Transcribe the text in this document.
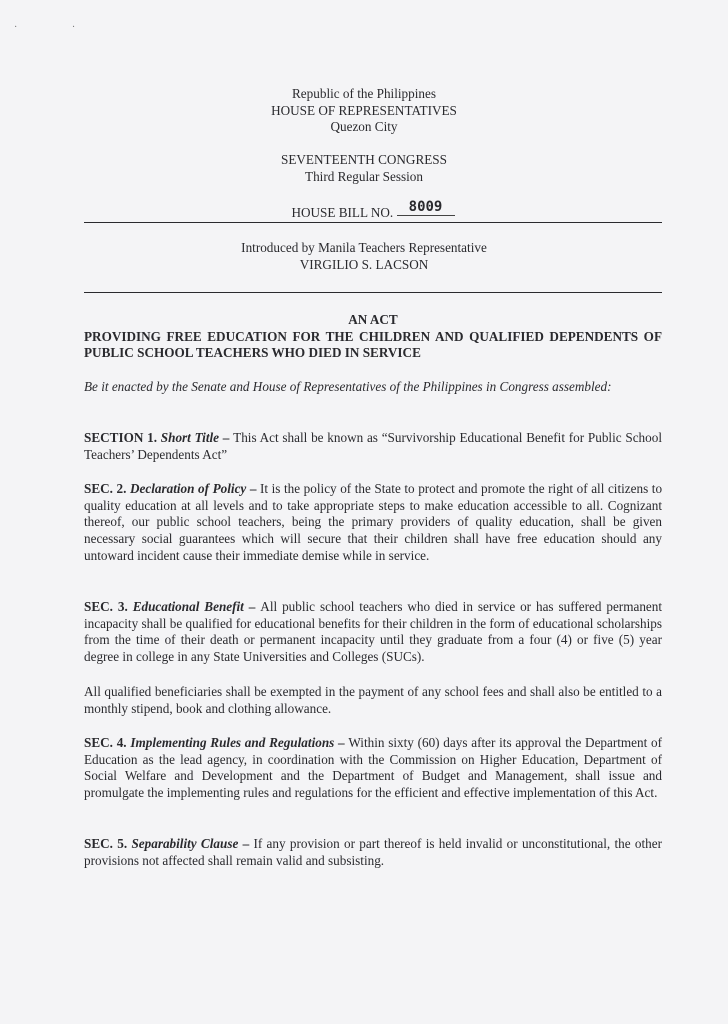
· ·
Republic of the Philippines
HOUSE OF REPRESENTATIVES
Quezon City
SEVENTEENTH CONGRESS
Third Regular Session
HOUSE BILL NO. 8009
Introduced by Manila Teachers Representative
VIRGILIO S. LACSON
AN ACT
PROVIDING FREE EDUCATION FOR THE CHILDREN AND QUALIFIED DEPENDENTS OF PUBLIC SCHOOL TEACHERS WHO DIED IN SERVICE

Be it enacted by the Senate and House of Representatives of the Philippines in Congress assembled:

SECTION 1. Short Title – This Act shall be known as “Survivorship Educational Benefit for Public School Teachers’ Dependents Act”

SEC. 2. Declaration of Policy – It is the policy of the State to protect and promote the right of all citizens to quality education at all levels and to take appropriate steps to make education accessible to all. Cognizant thereof, our public school teachers, being the primary providers of quality education, shall be given necessary social guarantees which will secure that their children shall have free education should any untoward incident cause their immediate demise while in service.

SEC. 3. Educational Benefit – All public school teachers who died in service or has suffered permanent incapacity shall be qualified for educational benefits for their children in the form of educational scholarships from the time of their death or permanent incapacity until they graduate from a four (4) or five (5) year degree in college in any State Universities and Colleges (SUCs).

All qualified beneficiaries shall be exempted in the payment of any school fees and shall also be entitled to a monthly stipend, book and clothing allowance.

SEC. 4. Implementing Rules and Regulations – Within sixty (60) days after its approval the Department of Education as the lead agency, in coordination with the Commission on Higher Education, Department of Social Welfare and Development and the Department of Budget and Management, shall issue and promulgate the implementing rules and regulations for the efficient and effective implementation of this Act.

SEC. 5. Separability Clause – If any provision or part thereof is held invalid or unconstitutional, the other provisions not affected shall remain valid and subsisting.
